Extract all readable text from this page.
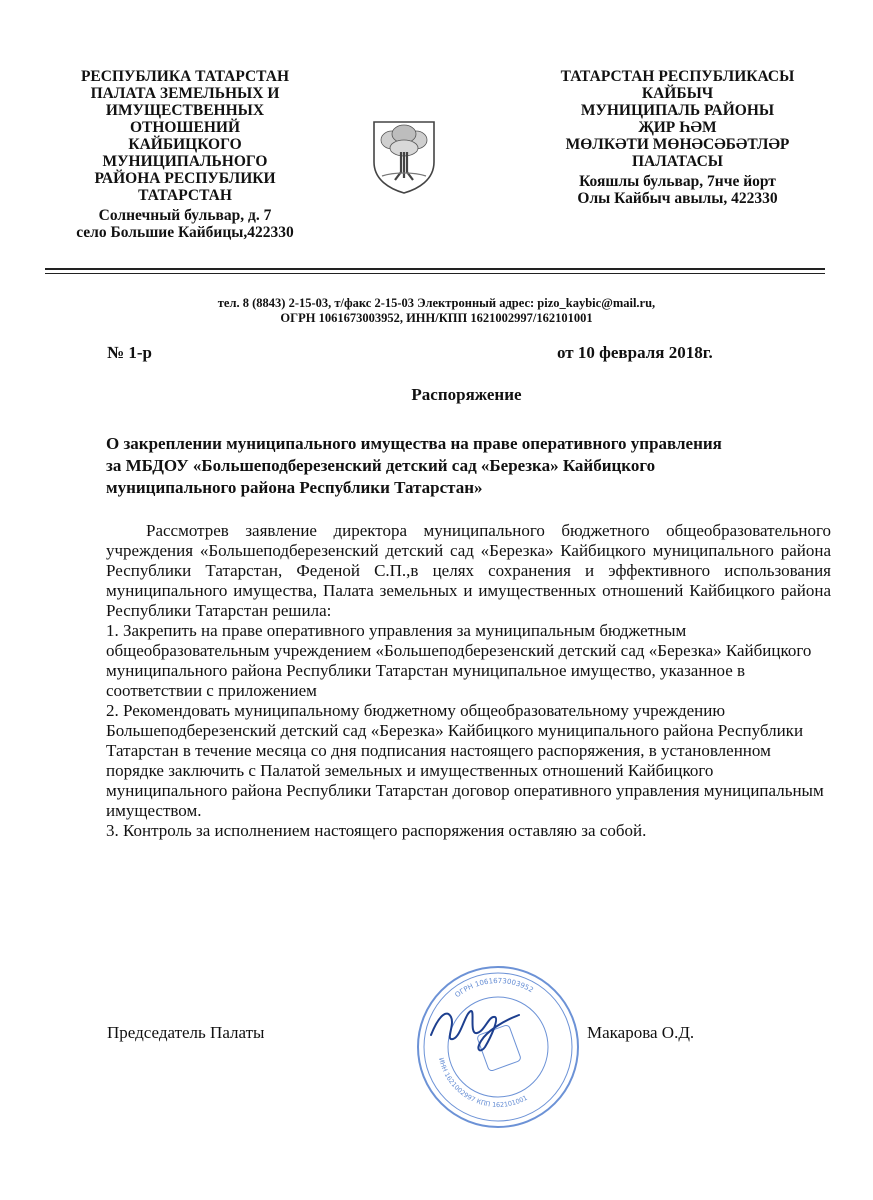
РЕСПУБЛИКА ТАТАРСТАН
ПАЛАТА ЗЕМЕЛЬНЫХ И
ИМУЩЕСТВЕННЫХ
ОТНОШЕНИЙ
КАЙБИЦКОГО
МУНИЦИПАЛЬНОГО
РАЙОНА РЕСПУБЛИКИ
ТАТАРСТАН
Солнечный бульвар, д. 7
село Большие Кайбицы,422330
ТАТАРСТАН РЕСПУБЛИКАСЫ
КАЙБЫЧ
МУНИЦИПАЛЬ РАЙОНЫ
ҖИР ҺӘМ
МӨЛКӘТИ МӨНӘСӘБӘТЛӘР
ПАЛАТАСЫ
Кояшлы бульвар, 7нче йорт
Олы Кайбыч авылы, 422330
тел. 8 (8843) 2-15-03, т/факс 2-15-03 Электронный адрес: pizo_kaybic@mail.ru,
ОГРН 1061673003952, ИНН/КПП 1621002997/162101001
№ 1-р	от 10 февраля 2018г.
Распоряжение
О закреплении муниципального имущества на праве оперативного управления
за МБДОУ «Большеподберезенский детский сад «Березка» Кайбицкого
муниципального района Республики Татарстан»

Рассмотрев заявление директора муниципального бюджетного общеобразовательного учреждения «Большеподберезенский детский сад «Березка» Кайбицкого муниципального района Республики Татарстан, Феденой С.П.,в целях сохранения и эффективного использования муниципального имущества, Палата земельных и имущественных отношений Кайбицкого района Республики Татарстан решила:

1. Закрепить на праве оперативного управления за муниципальным бюджетным общеобразовательным учреждением «Большеподберезенский детский сад «Березка» Кайбицкого муниципального района Республики Татарстан муниципальное имущество, указанное в соответствии с приложением

2. Рекомендовать муниципальному бюджетному общеобразовательному учреждению Большеподберезенский детский сад «Березка» Кайбицкого муниципального района Республики Татарстан в течение месяца со дня подписания настоящего распоряжения, в установленном порядке заключить с Палатой земельных и имущественных отношений Кайбицкого муниципального района Республики Татарстан договор оперативного управления муниципальным имуществом.

3. Контроль за исполнением настоящего распоряжения оставляю за собой.

ОГРН 1061673003952
ИНН 1621002997 КПП 162101001
Председатель Палаты	Макарова О.Д.
